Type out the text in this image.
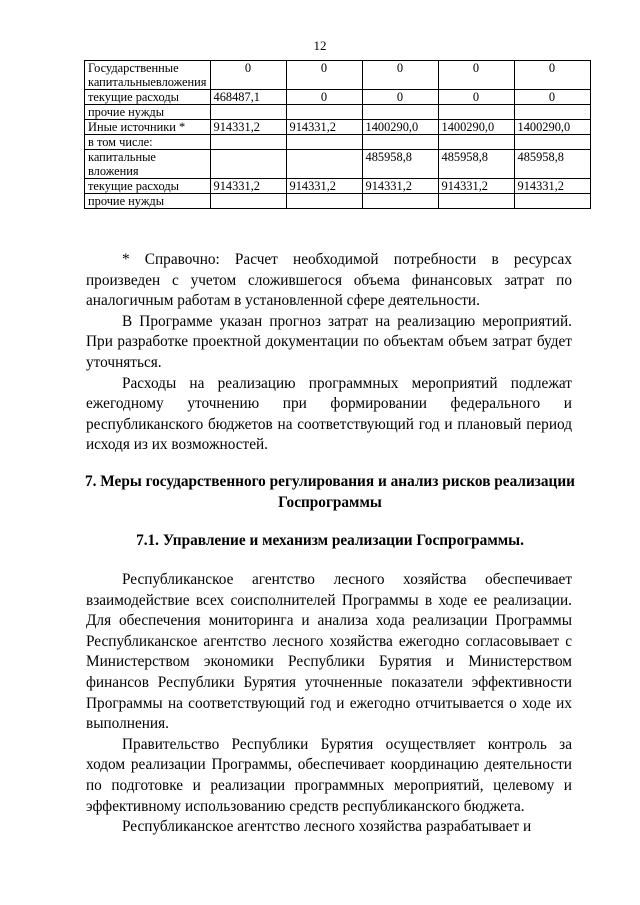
12
Государственные капитальныевложения	0	0	0	0	0
текущие расходы	468487,1	0	0	0	0
прочие нужды					
Иные источники *	914331,2	914331,2	1400290,0	1400290,0	1400290,0
в том числе:					
капитальные вложения			485958,8	485958,8	485958,8
текущие расходы	914331,2	914331,2	914331,2	914331,2	914331,2
прочие нужды					

* Справочно: Расчет необходимой потребности в ресурсах произведен с учетом сложившегося объема финансовых затрат по аналогичным работам в установленной сфере деятельности.

В Программе указан прогноз затрат на реализацию мероприятий. При разработке проектной документации по объектам объем затрат будет уточняться.

Расходы на реализацию программных мероприятий подлежат ежегодному уточнению при формировании федерального и республиканского бюджетов на соответствующий год и плановый период исходя из их возможностей.

7. Меры государственного регулирования и анализ рисков реализации Госпрограммы

7.1. Управление и механизм реализации Госпрограммы.

Республиканское агентство лесного хозяйства обеспечивает взаимодействие всех соисполнителей Программы в ходе ее реализации. Для обеспечения мониторинга и анализа хода реализации Программы Республиканское агентство лесного хозяйства ежегодно согласовывает с Министерством экономики Республики Бурятия и Министерством финансов Республики Бурятия уточненные показатели эффективности Программы на соответствующий год и ежегодно отчитывается о ходе их выполнения.

Правительство Республики Бурятия осуществляет контроль за ходом реализации Программы, обеспечивает координацию деятельности по подготовке и реализации программных мероприятий, целевому и эффективному использованию средств республиканского бюджета.

Республиканское агентство лесного хозяйства разрабатывает и
